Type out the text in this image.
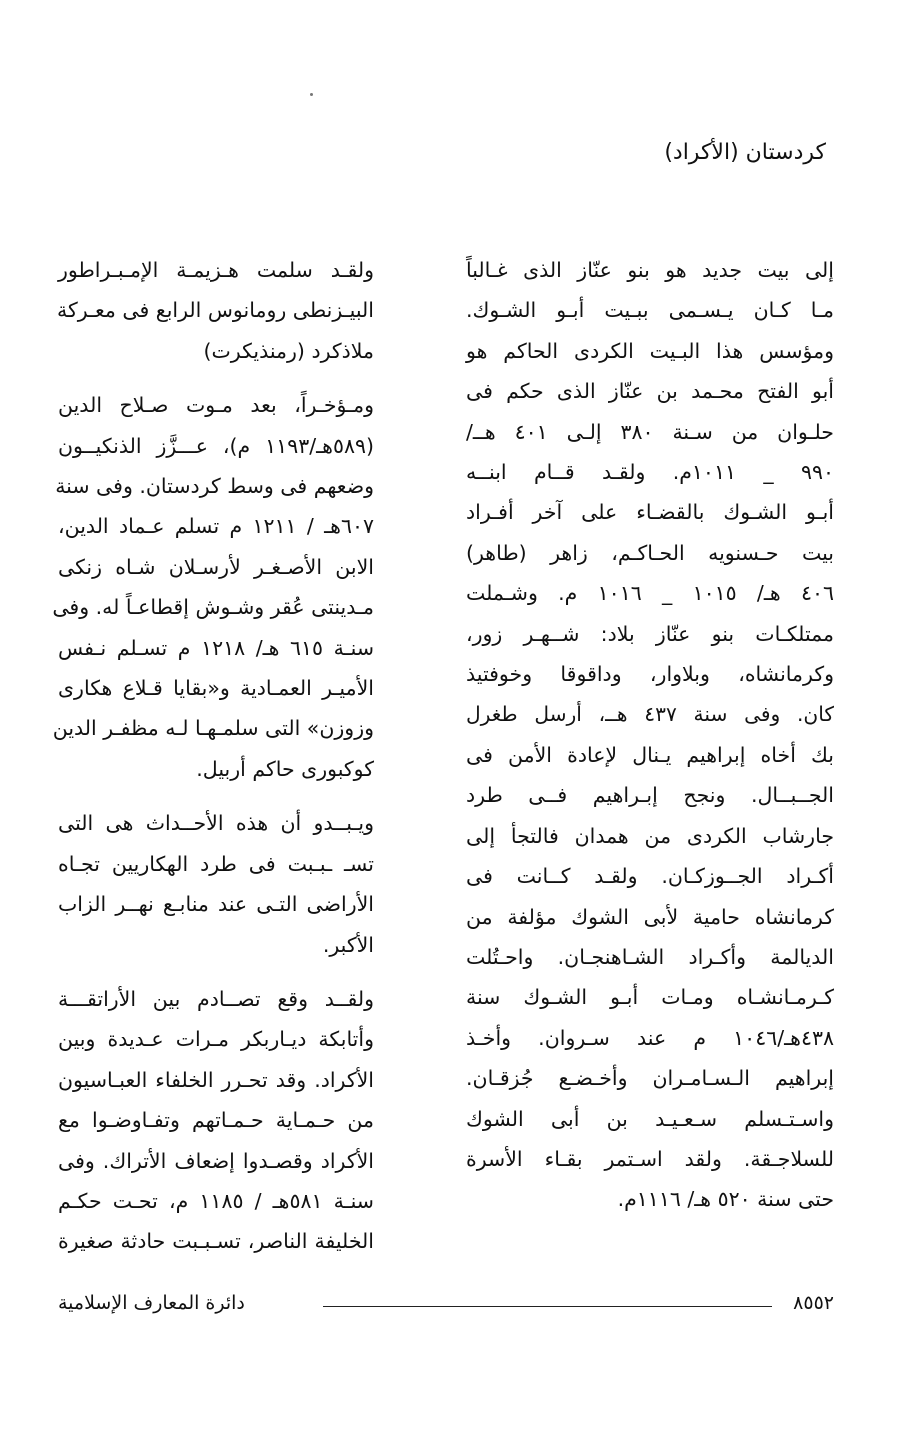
كردستان (الأكراد)

إلى بيت جديد هو بنو عنّاز الذى غـالباً
مـا كـان يـسـمى ببـيت أبـو الشـوك.
ومؤسس هذا البـيت الكردى الحاكم هو
أبو الفتح محـمد بن عنّاز الذى حكم فى
حلـوان من سـنة ٣٨٠ إلـى ٤٠١ هــ/
٩٩٠ _ ١٠١١م. ولقـد قــام ابنــه
أبـو الشـوك بالقضـاء على آخر أفـراد
بيت حـسنويه الحـاكـم، زاهر (طاهر)
٤٠٦ هـ/ ١٠١٥ _ ١٠١٦ م. وشـملت
ممتلكـات بنو عنّاز بلاد: شــهـر زور،
وكرمانشاه، وبلاوار، وداقوقا وخوفتيذ
كان. وفى سنة ٤٣٧ هــ، أرسل طغرل
بك أخاه إبراهيم يـنال لإعادة الأمن فى
الجــبــال. ونجح إبـراهيم فــى طرد
جارشاب الكردى من همدان فالتجأ إلى
أكـراد الجــوزكـان. ولقـد كــانت فى
كرمانشاه حامية لأبى الشوك مؤلفة من
الديالمة وأكـراد الشـاهنجـان. واحـتُلت
كـرمـانشـاه ومـات أبـو الشـوك سنة
٤٣٨هـ/١٠٤٦ م عند سـروان. وأخـذ
إبراهيم الـسـامـران وأخـضـع جُزقـان.
واسـتـسلم سـعـيـد بن أبى الشوك
للسلاجـقة. ولقد اسـتمر بقـاء الأسرة
حتى سنة ٥٢٠ هـ/ ١١١٦م.

ولقـد سلمت هـزيمـة الإمـبـراطور
البيـزنطى رومانوس الرابع فى معـركة
ملاذكرد (رمنذيكرت)

ومـؤخـراً، بعد مـوت صـلاح الدين
(٥٨٩هـ/١١٩٣ م)، عـــزَّز الذنكيــون
وضعهم فى وسط كردستان. وفى سنة
٦٠٧هـ / ١٢١١ م تسلم عـماد الدين،
الابن الأصـغـر لأرسـلان شـاه زنكى
مـدينتى عُقر وشـوش إقطاعـاً له. وفى
سنـة ٦١٥ هـ/ ١٢١٨ م تسـلم نـفس
الأميـر العمـادية و«بقايا قـلاع هكارى
وزوزن» التى سلمـهـا لـه مظفـر الدين
كوكبورى حاكم أربيل.

ويـبــدو أن هذه الأحــداث هى التى
تسـ ـبـبت فى طرد الهكاريين تجـاه
الأراضى التـى عند منابـع نهــر الزاب
الأكبر.

ولقــد وقع تصــادم بين الأراتقـــة
وأتابكة ديـاربكر مـرات عـديدة وبين
الأكراد. وقد تحـرر الخلفاء العبـاسيون
من حـمـاية حـمـاتهم وتفـاوضـوا مع
الأكراد وقصـدوا إضعاف الأتراك. وفى
سنـة ٥٨١هـ / ١١٨٥ م، تحـت حكـم
الخليفة الناصر، تسـبـبت حادثة صغيرة

٨٥٥٢
دائرة المعارف الإسلامية
